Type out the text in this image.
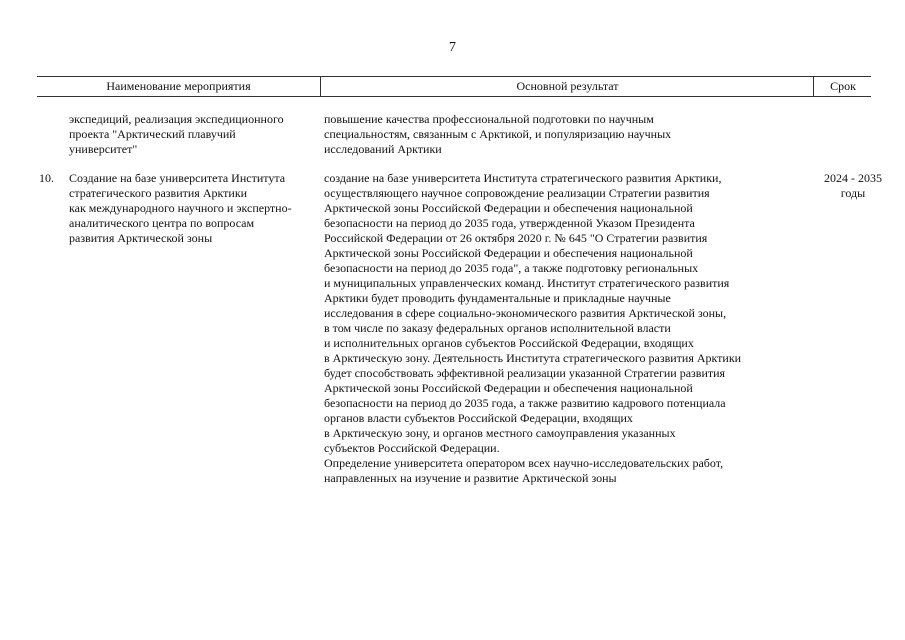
7
Наименование мероприятия	Основной результат	Срок
экспедиций, реализация экспедиционного
проекта "Арктический плавучий
университет"
повышение качества профессиональной подготовки по научным
специальностям, связанным с Арктикой, и популяризацию научных
исследований Арктики
10. Создание на базе университета Института
стратегического развития Арктики
как международного научного и экспертно-
аналитического центра по вопросам
развития Арктической зоны
создание на базе университета Института стратегического развития Арктики,
осуществляющего научное сопровождение реализации Стратегии развития
Арктической зоны Российской Федерации и обеспечения национальной
безопасности на период до 2035 года, утвержденной Указом Президента
Российской Федерации от 26 октября 2020 г. № 645 "О Стратегии развития
Арктической зоны Российской Федерации и обеспечения национальной
безопасности на период до 2035 года", а также подготовку региональных
и муниципальных управленческих команд. Институт стратегического развития
Арктики будет проводить фундаментальные и прикладные научные
исследования в сфере социально-экономического развития Арктической зоны,
в том числе по заказу федеральных органов исполнительной власти
и исполнительных органов субъектов Российской Федерации, входящих
в Арктическую зону. Деятельность Института стратегического развития Арктики
будет способствовать эффективной реализации указанной Стратегии развития
Арктической зоны Российской Федерации и обеспечения национальной
безопасности на период до 2035 года, а также развитию кадрового потенциала
органов власти субъектов Российской Федерации, входящих
в Арктическую зону, и органов местного самоуправления указанных
субъектов Российской Федерации.
Определение университета оператором всех научно-исследовательских работ,
направленных на изучение и развитие Арктической зоны
2024 - 2035
годы
